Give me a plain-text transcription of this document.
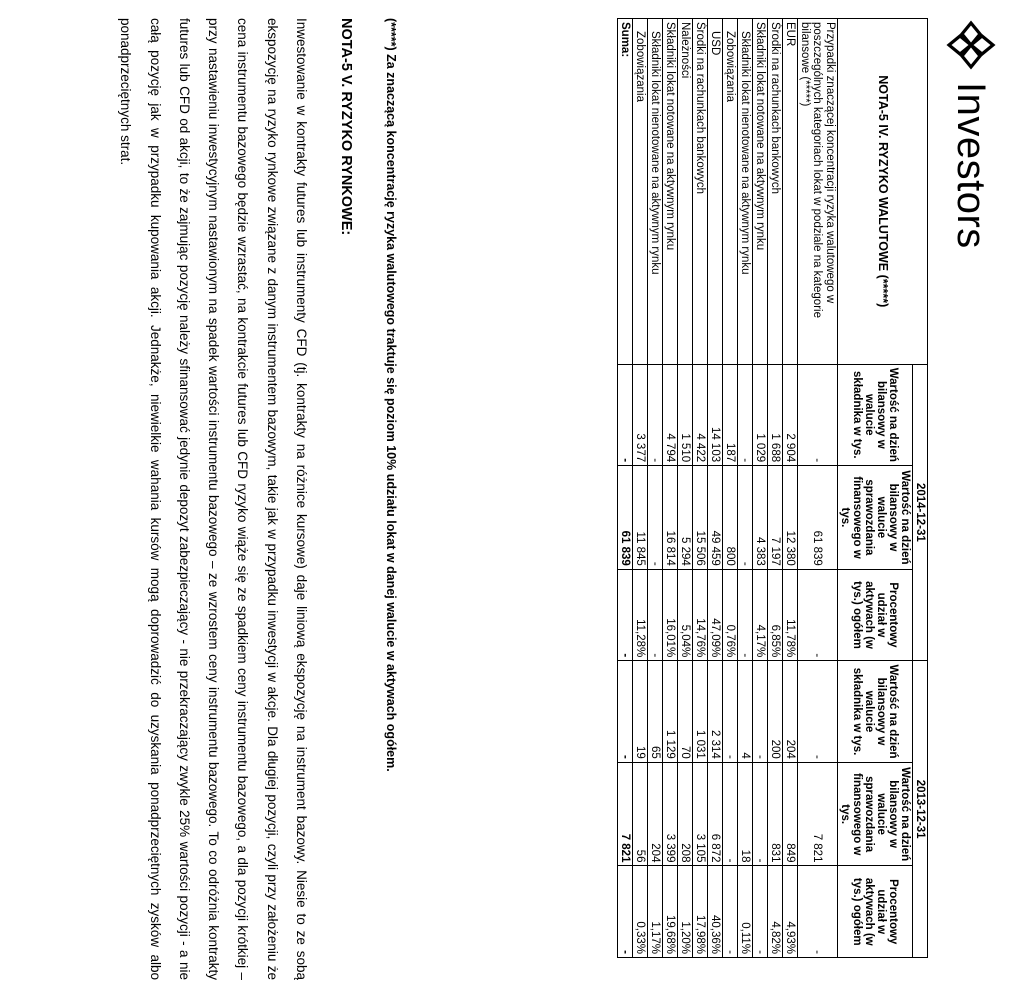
Investors
NOTA-5 IV. RYZYKO WALUTOWE (*****)	2014-12-31			2013-12-31		
	Wartość na dzień bilansowy w walucie składnika w tys.	Wartość na dzień bilansowy w walucie sprawozdania finansowego w tys.	Procentowy udział w aktywach (w tys.) ogółem	Wartość na dzień bilansowy w walucie składnika w tys.	Wartość na dzień bilansowy w walucie sprawozdania finansowego w tys.	Procentowy udział w aktywach (w tys.) ogółem
Przypadki znaczącej koncentracji ryzyka walutowego w poszczególnych kategoriach lokat w podziale na kategorie bilansowe (*****)	-	61 839	-	-	7 821	-
EUR	2 904	12 380	11,78%	204	849	4,93%
Środki na rachunkach bankowych	1 688	7 197	6,85%	200	831	4,82%
Składniki lokat notowane na aktywnym rynku	1 029	4 383	4,17%	-	-	-
Składniki lokat nienotowane na aktywnym rynku	-	-	-	4	18	0,11%
Zobowiązania	187	800	0,76%	-	-	-
USD	14 103	49 459	47,09%	2 314	6 872	40,36%
Środki na rachunkach bankowych	4 422	15 506	14,76%	1 031	3 105	17,98%
Należności	1 510	5 294	5,04%	70	208	1,20%
Składniki lokat notowane na aktywnym rynku	4 794	16 814	16,01%	1 129	3 399	19,68%
Składniki lokat nienotowane na aktywnym rynku	-	-	-	65	204	1,17%
Zobowiązania	3 377	11 845	11,28%	19	56	0,33%
Suma:	-	61 839	-	-	7 821	-
(*****) Za znaczącą koncentrację ryzyka walutowego traktuje się poziom 10% udziału lokat w danej walucie w aktywach ogółem.
NOTA-5 V. RYZYKO RYNKOWE:

Inwestowanie w kontrakty futures lub instrumenty CFD (tj. kontrakty na różnice kursowe) daje liniową ekspozycję na instrument bazowy. Niesie to ze sobą ekspozycję na ryzyko rynkowe związane z danym instrumentem bazowym, takie jak w przypadku inwestycji w akcje. Dla długiej pozycji, czyli przy założeniu że cena instrumentu bazowego będzie wzrastać, na kontrakcie futures lub CFD ryzyko wiąże się ze spadkiem ceny instrumentu bazowego, a dla pozycji krótkiej – przy nastawieniu inwestycyjnym nastawionym na spadek wartości instrumentu bazowego – ze wzrostem ceny instrumentu bazowego. To co odróżnia kontrakty futures lub CFD od akcji, to że zajmując pozycję należy sfinansować jedynie depozyt zabezpieczający - nie przekraczający zwykle 25% wartości pozycji - a nie całą pozycję jak w przypadku kupowania akcji. Jednakże, niewielkie wahania kursów mogą doprowadzić do uzyskania ponadprzeciętnych zysków albo ponadprzeciętnych strat.
